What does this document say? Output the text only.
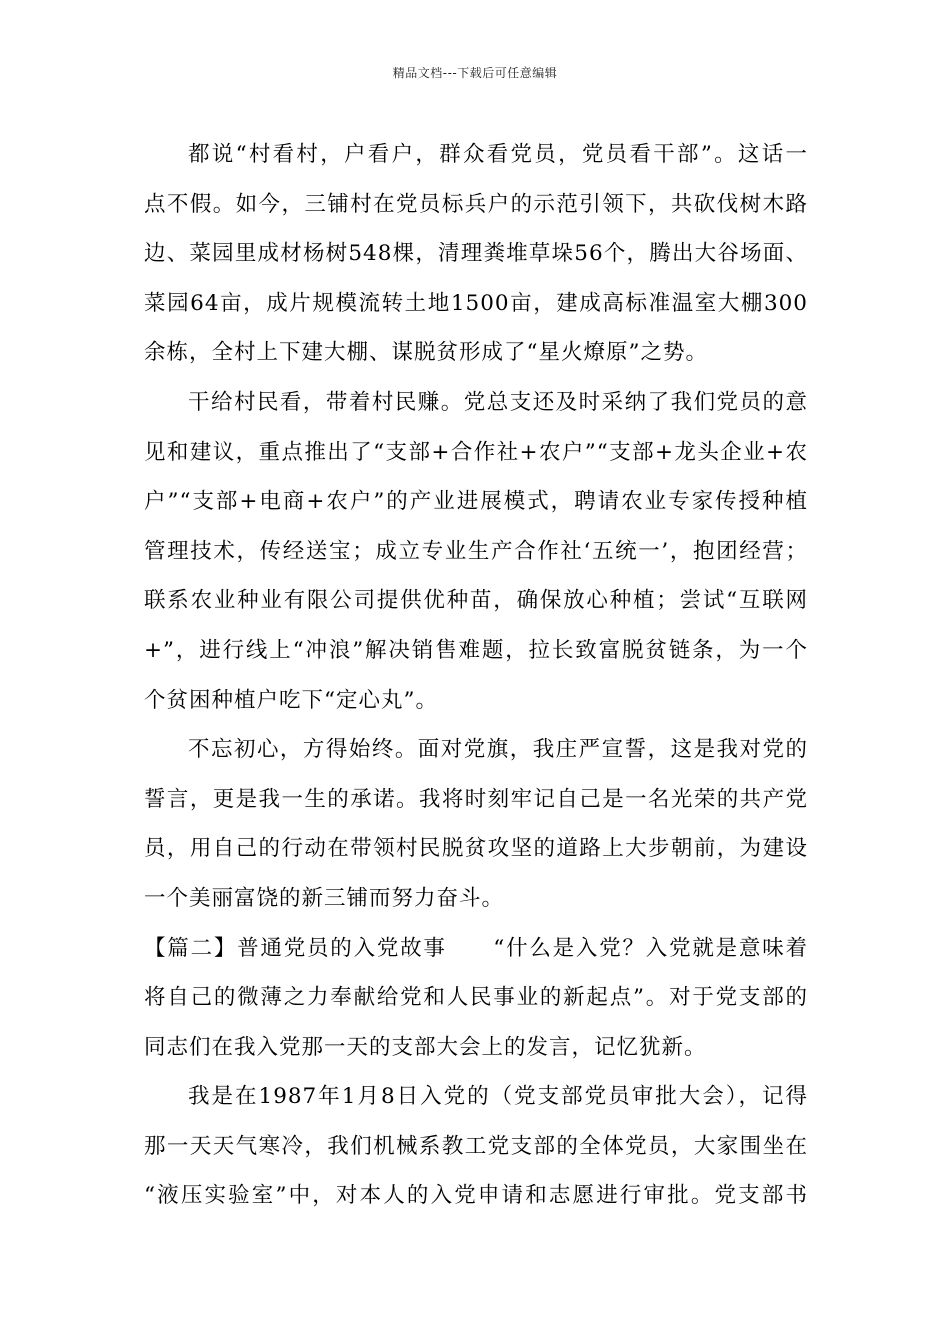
精品文档---下载后可任意编辑
都说“村看村，户看户，群众看党员，党员看干部”。这话一
点不假。如今，三铺村在党员标兵户的示范引领下，共砍伐树木路
边、菜园里成材杨树548棵，清理粪堆草垛56个，腾出大谷场面、
菜园64亩，成片规模流转土地1500亩，建成高标准温室大棚300
余栋，全村上下建大棚、谋脱贫形成了“星火燎原”之势。
干给村民看，带着村民赚。党总支还及时采纳了我们党员的意
见和建议，重点推出了“支部+合作社+农户”“支部+龙头企业+农
户”“支部+电商+农户”的产业进展模式，聘请农业专家传授种植
管理技术，传经送宝；成立专业生产合作社‘五统一’，抱团经营；
联系农业种业有限公司提供优种苗，确保放心种植；尝试“互联网
+”，进行线上“冲浪”解决销售难题，拉长致富脱贫链条，为一个
个贫困种植户吃下“定心丸”。
不忘初心，方得始终。面对党旗，我庄严宣誓，这是我对党的
誓言，更是我一生的承诺。我将时刻牢记自己是一名光荣的共产党
员，用自己的行动在带领村民脱贫攻坚的道路上大步朝前，为建设
一个美丽富饶的新三铺而努力奋斗。
【篇二】普通党员的入党故事　　“什么是入党？入党就是意味着
将自己的微薄之力奉献给党和人民事业的新起点”。对于党支部的
同志们在我入党那一天的支部大会上的发言，记忆犹新。
我是在1987年1月8日入党的（党支部党员审批大会），记得
那一天天气寒冷，我们机械系教工党支部的全体党员，大家围坐在
“液压实验室”中，对本人的入党申请和志愿进行审批。党支部书
